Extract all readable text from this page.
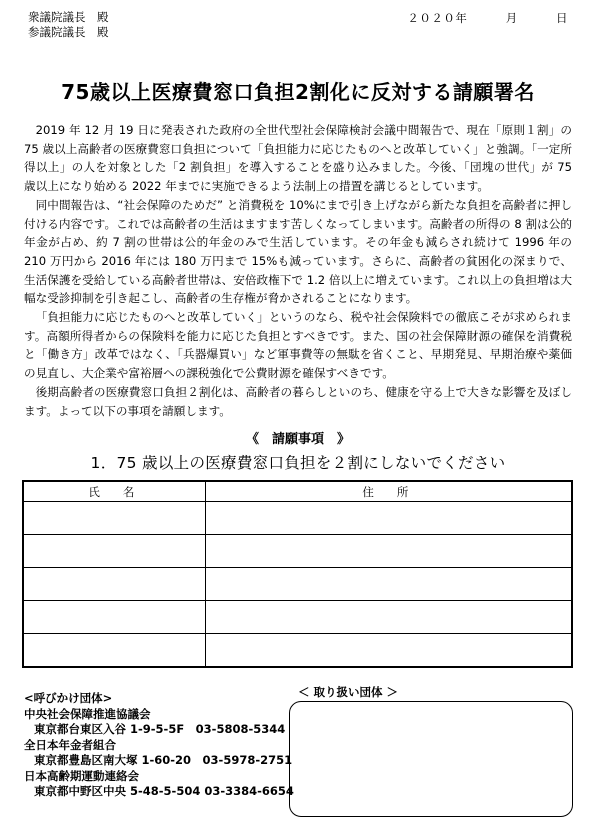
衆議院議長　殿
参議院議長　殿
２０２０年	月	日
75歳以上医療費窓口負担2割化に反対する請願署名

2019 年 12 月 19 日に発表された政府の全世代型社会保障検討会議中間報告で、現在「原則１割」の 75 歳以上高齢者の医療費窓口負担について「負担能力に応じたものへと改革していく」と強調。「一定所得以上」の人を対象とした「2 割負担」を導入することを盛り込みました。今後、「団塊の世代」が 75 歳以上になり始める 2022 年までに実施できるよう法制上の措置を講じるとしています。

同中間報告は、“社会保障のためだ” と消費税を 10%にまで引き上げながら新たな負担を高齢者に押し付ける内容です。これでは高齢者の生活はますます苦しくなってしまいます。高齢者の所得の 8 割は公的年金が占め、約 7 割の世帯は公的年金のみで生活しています。その年金も減らされ続けて 1996 年の 210 万円から 2016 年には 180 万円まで 15%も減っています。さらに、高齢者の貧困化の深まりで、生活保護を受給している高齢者世帯は、安倍政権下で 1.2 倍以上に増えています。これ以上の負担増は大幅な受診抑制を引き起こし、高齢者の生存権が脅かされることになります。

「負担能力に応じたものへと改革していく」というのなら、税や社会保険料での徹底こそが求められます。高額所得者からの保険料を能力に応じた負担とすべきです。また、国の社会保障財源の確保を消費税と「働き方」改革ではなく、「兵器爆買い」など軍事費等の無駄を省くこと、早期発見、早期治療や薬価の見直し、大企業や富裕層への課税強化で公費財源を確保すべきです。

後期高齢者の医療費窓口負担２割化は、高齢者の暮らしといのち、健康を守る上で大きな影響を及ぼします。よって以下の事項を請願します。

《　請願事項　》
1．75 歳以上の医療費窓口負担を２割にしないでください
氏　名	住　所

<呼びかけ団体>
中央社会保障推進協議会
東京都台東区入谷 1-9-5-5F　03-5808-5344
全日本年金者組合
東京都豊島区南大塚 1-60-20　03-5978-2751
日本高齢期運動連絡会
東京都中野区中央 5-48-5-504 03-3384-6654
＜ 取り扱い団体 ＞
